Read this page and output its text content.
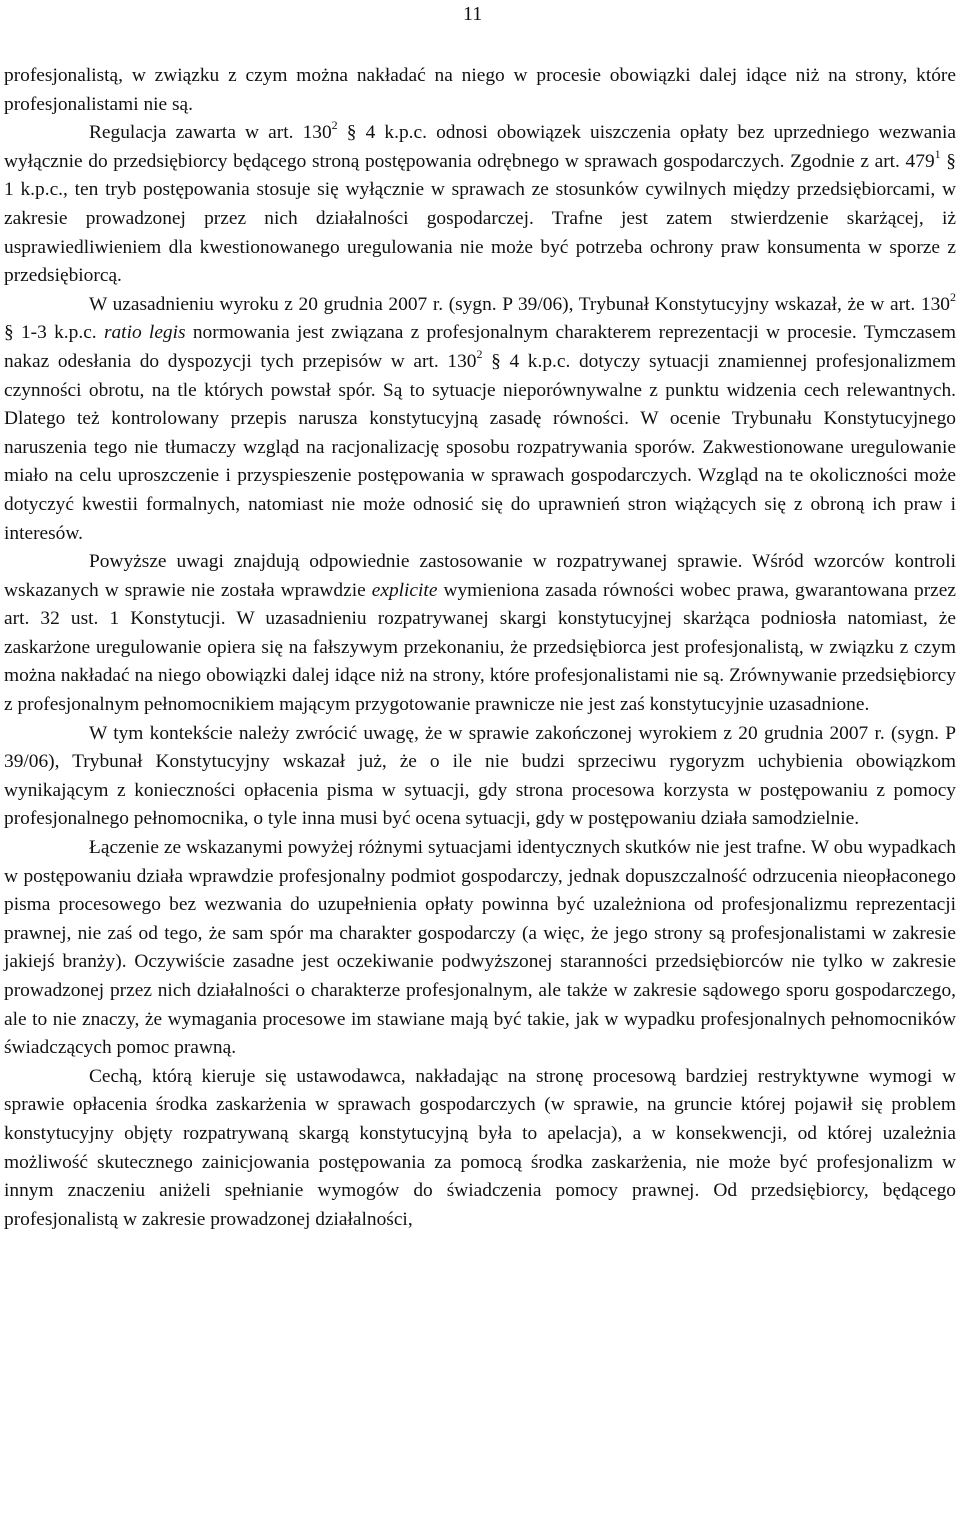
11

profesjonalistą, w związku z czym można nakładać na niego w procesie obowiązki dalej idące niż na strony, które profesjonalistami nie są.

Regulacja zawarta w art. $130^2$ § 4 k.p.c. odnosi obowiązek uiszczenia opłaty bez uprzedniego wezwania wyłącznie do przedsiębiorcy będącego stroną postępowania odrębnego w sprawach gospodarczych. Zgodnie z art. $479^1$ § 1 k.p.c., ten tryb postępowania stosuje się wyłącznie w sprawach ze stosunków cywilnych między przedsiębiorcami, w zakresie prowadzonej przez nich działalności gospodarczej. Trafne jest zatem stwierdzenie skarżącej, iż usprawiedliwieniem dla kwestionowanego uregulowania nie może być potrzeba ochrony praw konsumenta w sporze z przedsiębiorcą.

W uzasadnieniu wyroku z 20 grudnia 2007 r. (sygn. P 39/06), Trybunał Konstytucyjny wskazał, że w art. $130^2$ § 1-3 k.p.c. ratio legis normowania jest związana z profesjonalnym charakterem reprezentacji w procesie. Tymczasem nakaz odesłania do dyspozycji tych przepisów w art. $130^2$ § 4 k.p.c. dotyczy sytuacji znamiennej profesjonalizmem czynności obrotu, na tle których powstał spór. Są to sytuacje nieporównywalne z punktu widzenia cech relewantnych. Dlatego też kontrolowany przepis narusza konstytucyjną zasadę równości. W ocenie Trybunału Konstytucyjnego naruszenia tego nie tłumaczy wzgląd na racjonalizację sposobu rozpatrywania sporów. Zakwestionowane uregulowanie miało na celu uproszczenie i przyspieszenie postępowania w sprawach gospodarczych. Wzgląd na te okoliczności może dotyczyć kwestii formalnych, natomiast nie może odnosić się do uprawnień stron wiążących się z obroną ich praw i interesów.

Powyższe uwagi znajdują odpowiednie zastosowanie w rozpatrywanej sprawie. Wśród wzorców kontroli wskazanych w sprawie nie została wprawdzie explicite wymieniona zasada równości wobec prawa, gwarantowana przez art. 32 ust. 1 Konstytucji. W uzasadnieniu rozpatrywanej skargi konstytucyjnej skarżąca podniosła natomiast, że zaskarżone uregulowanie opiera się na fałszywym przekonaniu, że przedsiębiorca jest profesjonalistą, w związku z czym można nakładać na niego obowiązki dalej idące niż na strony, które profesjonalistami nie są. Zrównywanie przedsiębiorcy z profesjonalnym pełnomocnikiem mającym przygotowanie prawnicze nie jest zaś konstytucyjnie uzasadnione.

W tym kontekście należy zwrócić uwagę, że w sprawie zakończonej wyrokiem z 20 grudnia 2007 r. (sygn. P 39/06), Trybunał Konstytucyjny wskazał już, że o ile nie budzi sprzeciwu rygoryzm uchybienia obowiązkom wynikającym z konieczności opłacenia pisma w sytuacji, gdy strona procesowa korzysta w postępowaniu z pomocy profesjonalnego pełnomocnika, o tyle inna musi być ocena sytuacji, gdy w postępowaniu działa samodzielnie.

Łączenie ze wskazanymi powyżej różnymi sytuacjami identycznych skutków nie jest trafne. W obu wypadkach w postępowaniu działa wprawdzie profesjonalny podmiot gospodarczy, jednak dopuszczalność odrzucenia nieopłaconego pisma procesowego bez wezwania do uzupełnienia opłaty powinna być uzależniona od profesjonalizmu reprezentacji prawnej, nie zaś od tego, że sam spór ma charakter gospodarczy (a więc, że jego strony są profesjonalistami w zakresie jakiejś branży). Oczywiście zasadne jest oczekiwanie podwyższonej staranności przedsiębiorców nie tylko w zakresie prowadzonej przez nich działalności o charakterze profesjonalnym, ale także w zakresie sądowego sporu gospodarczego, ale to nie znaczy, że wymagania procesowe im stawiane mają być takie, jak w wypadku profesjonalnych pełnomocników świadczących pomoc prawną.

Cechą, którą kieruje się ustawodawca, nakładając na stronę procesową bardziej restryktywne wymogi w sprawie opłacenia środka zaskarżenia w sprawach gospodarczych (w sprawie, na gruncie której pojawił się problem konstytucyjny objęty rozpatrywaną skargą konstytucyjną była to apelacja), a w konsekwencji, od której uzależnia możliwość skutecznego zainicjowania postępowania za pomocą środka zaskarżenia, nie może być profesjonalizm w innym znaczeniu aniżeli spełnianie wymogów do świadczenia pomocy prawnej. Od przedsiębiorcy, będącego profesjonalistą w zakresie prowadzonej działalności,
